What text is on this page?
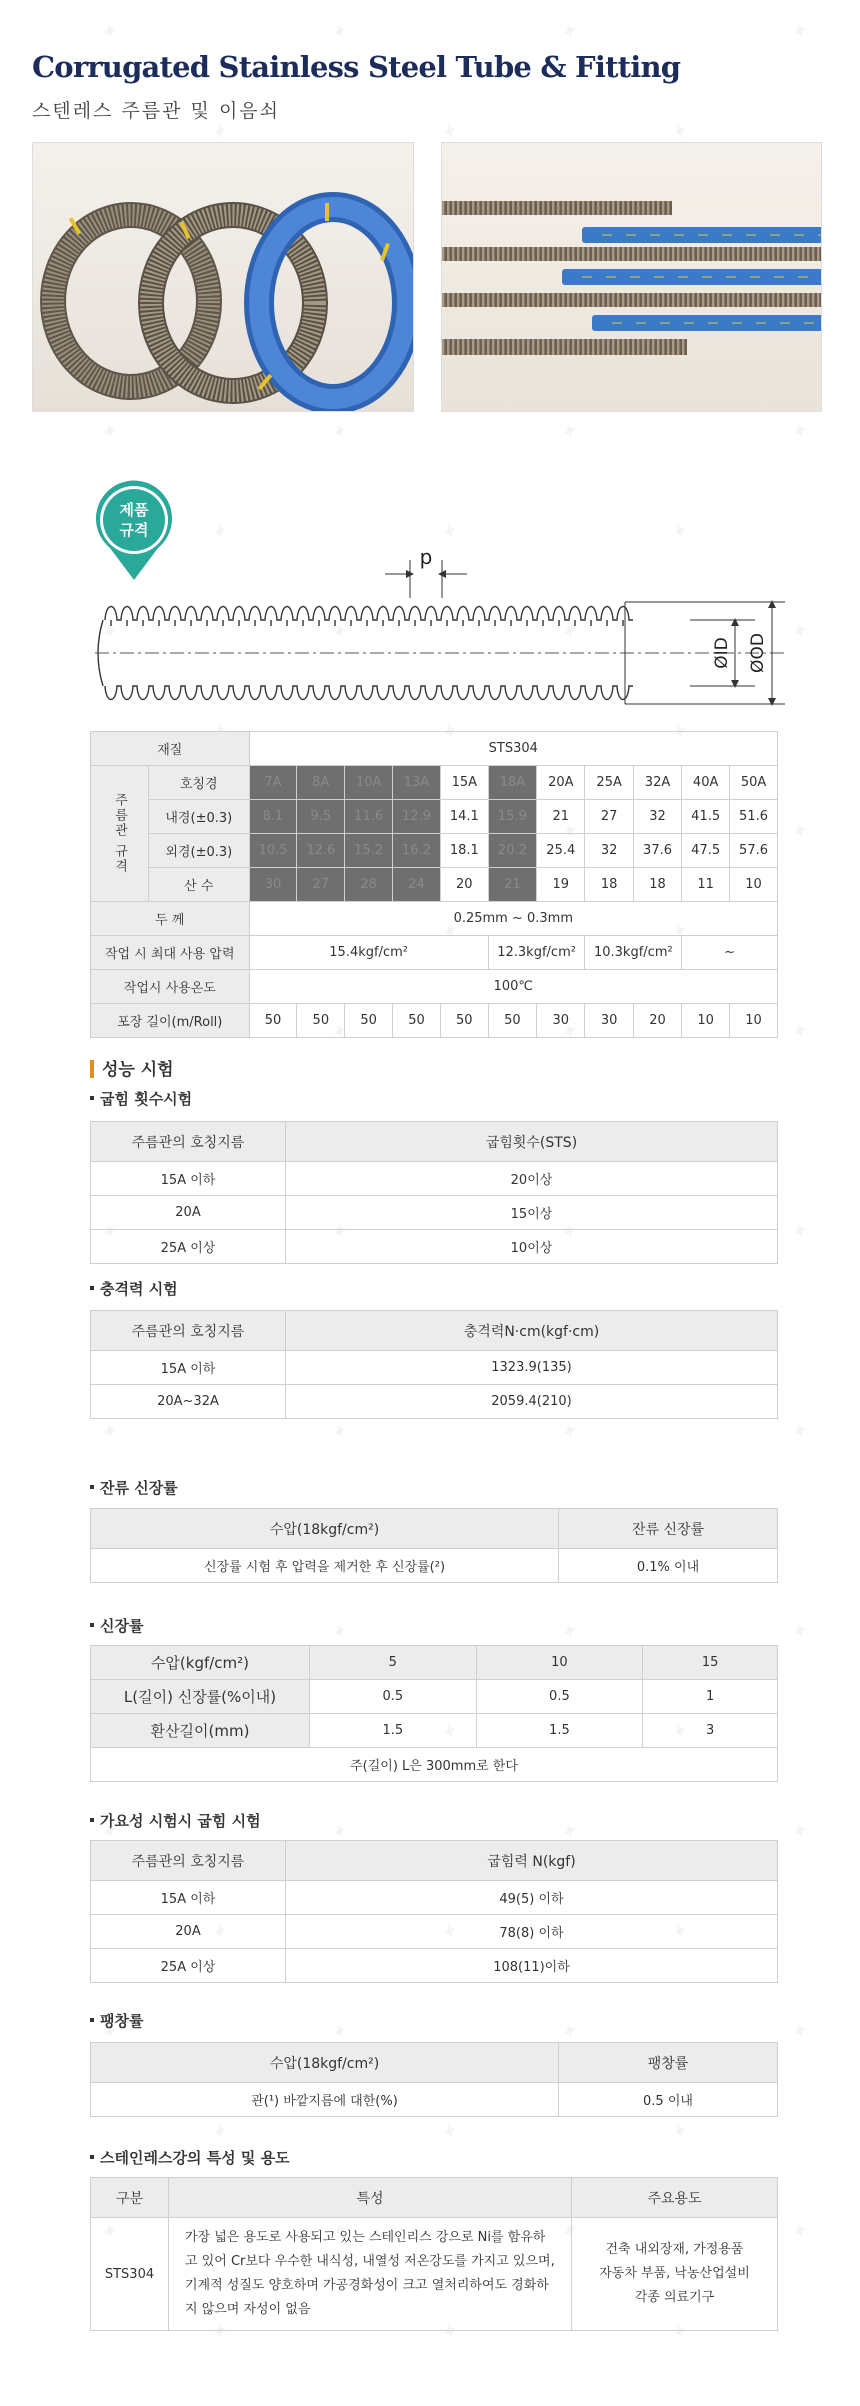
Corrugated Stainless Steel Tube & Fitting
스텐레스 주름관 및 이음쇠
제품
규격
p
ØID ØOD
재질		STS304										
주름관 규격	호칭경	7A	8A	10A	13A	15A	18A	20A	25A	32A	40A	50A
	내경(±0.3)	8.1	9.5	11.6	12.9	14.1	15.9	21	27	32	41.5	51.6
	외경(±0.3)	10.5	12.6	15.2	16.2	18.1	20.2	25.4	32	37.6	47.5	57.6
	산 수	30	27	28	24	20	21	19	18	18	11	10
두 께		0.25mm ~ 0.3mm										
작업 시 최대 사용 압력		15.4kgf/cm²					12.3kgf/cm²		10.3kgf/cm²		~	
작업시 사용온도		100℃										
포장 길이(m/Roll)		50	50	50	50	50	50	30	30	20	10	10
성능 시험
굽힘 횟수시험
주름관의 호칭지름	굽힘횟수(STS)
15A 이하	20이상
20A	15이상
25A 이상	10이상
충격력 시험
주름관의 호칭지름	충격력N·cm(kgf·cm)
15A 이하	1323.9(135)
20A~32A	2059.4(210)
잔류 신장률
수압(18kgf/cm²)	잔류 신장률
신장률 시험 후 압력을 제거한 후 신장률(²)	0.1% 이내
신장률
수압(kgf/cm²)	5	10	15
L(길이) 신장률(%이내)	0.5	0.5	1
환산길이(mm)	1.5	1.5	3
주(길이) L은 300mm로 한다			
가요성 시험시 굽힘 시험
주름관의 호칭지름	굽힘력 N(kgf)
15A 이하	49(5) 이하
20A	78(8) 이하
25A 이상	108(11)이하
팽창률
수압(18kgf/cm²)	팽창률
관(¹) 바깥지름에 대한(%)	0.5 이내
스테인레스강의 특성 및 용도
구분	특성	주요용도
STS304	가장 넓은 용도로 사용되고 있는 스테인리스 강으로 Ni를 함유하고 있어 Cr보다 우수한 내식성, 내열성 저온강도를 가지고 있으며, 기계적 성질도 양호하며 가공경화성이 크고 열처리하여도 경화하지 않으며 자성이 없음	건축 내외장재, 가정용품
자동차 부품, 낙농산업설비
각종 의료기구
